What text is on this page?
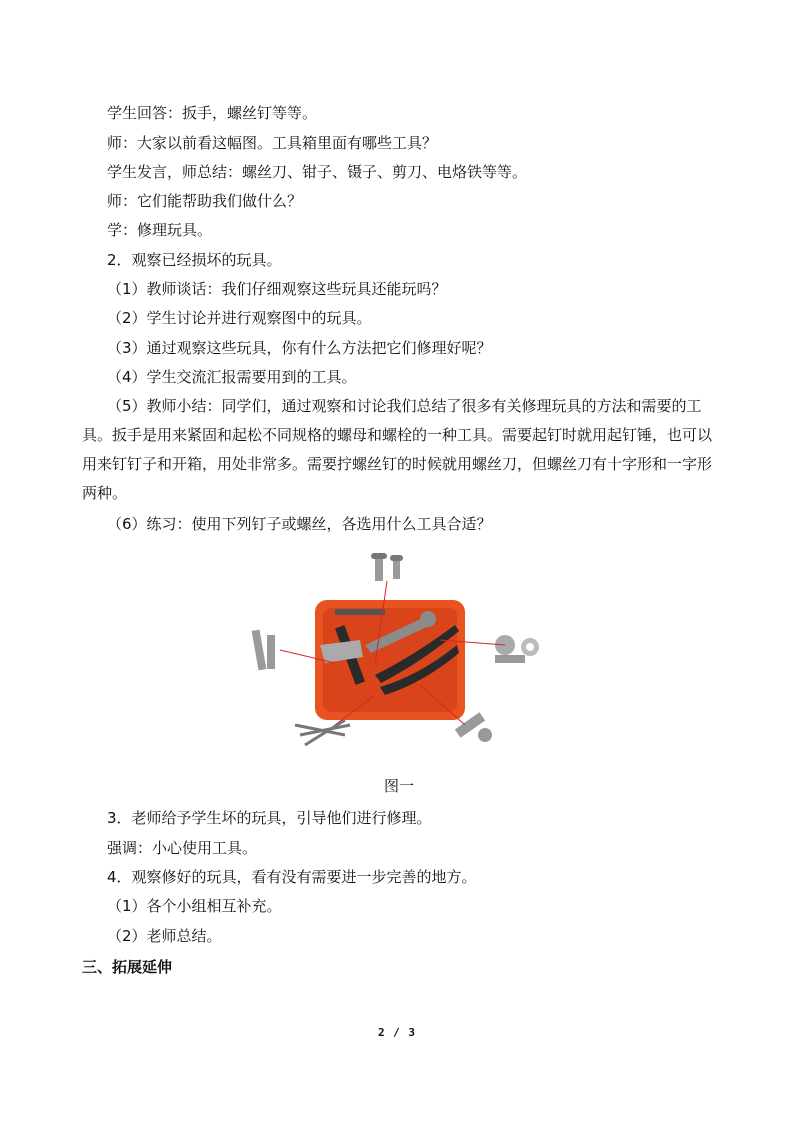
学生回答：扳手，螺丝钉等等。
师：大家以前看这幅图。工具箱里面有哪些工具？
学生发言，师总结：螺丝刀、钳子、镊子、剪刀、电烙铁等等。
师：它们能帮助我们做什么？
学：修理玩具。
2．观察已经损坏的玩具。
（1）教师谈话：我们仔细观察这些玩具还能玩吗？
（2）学生讨论并进行观察图中的玩具。
（3）通过观察这些玩具，你有什么方法把它们修理好呢？
（4）学生交流汇报需要用到的工具。
（5）教师小结：同学们，通过观察和讨论我们总结了很多有关修理玩具的方法和需要的工具。扳手是用来紧固和起松不同规格的螺母和螺栓的一种工具。需要起钉时就用起钉锤，也可以用来钉钉子和开箱，用处非常多。需要拧螺丝钉的时候就用螺丝刀，但螺丝刀有十字形和一字形两种。
（6）练习：使用下列钉子或螺丝，各选用什么工具合适？
图一
3．老师给予学生坏的玩具，引导他们进行修理。
强调：小心使用工具。
4．观察修好的玩具，看有没有需要进一步完善的地方。
（1）各个小组相互补充。
（2）老师总结。
三、拓展延伸
2 / 3
